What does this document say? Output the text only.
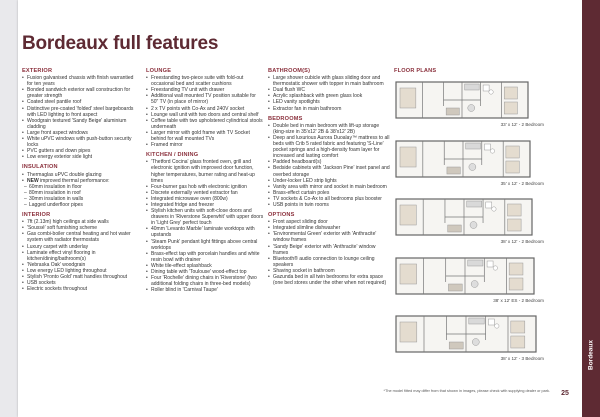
Bordeaux full features
EXTERIOR
• Fusion galvanised chassis with finish warrantied for ten years
• Bonded sandwich exterior wall construction for greater strength
• Coated steel pantile roof
• Distinctive pre-coated 'folded' steel bargeboards with LED lighting to front aspect
• Woodgrain textured 'Sandy Beige' aluminium cladding
• Large front aspect windows
• White uPVC windows with push-button security locks
• PVC gutters and down pipes
• Low energy exterior side light
INSULATION
• Thermaglas uPVC double glazing
• NEW improved thermal performance:
– 60mm insulation in floor
– 80mm insulation in roof
– 30mm insulation in walls
– Lagged underfloor pipes
INTERIOR
• 7ft (2.13m) high ceilings at side walls
• 'Soussé' soft furnishing scheme
• Gas combi-boiler central heating and hot water system with radiator thermostats
• Luxury carpet with underlay
• Laminate effect vinyl flooring in kitchen/dining/bathroom(s)
• 'Nebraska Oak' woodgrain
• Low energy LED lighting throughout
• Stylish 'Pronto Gold' matt handles throughout
• USB sockets
• Electric sockets throughout
LOUNGE
• Freestanding two-piece suite with fold-out occasional bed and scatter cushions
• Freestanding TV unit with drawer
• Additional wall mounted TV position suitable for 50" TV (in place of mirror)
• 2 x TV points with Co-Ax and 240V socket
• Lounge wall unit with two doors and central shelf
• Coffee table with two upholstered cylindrical stools underneath
• Larger mirror with gold frame with TV Socket behind for wall mounted TVs
• Framed mirror
KITCHEN / DINING
• 'Thetford Cocina' glass fronted oven, grill and electronic ignition with improved door function, higher temperatures, burner rating and heat-up times
• Four-burner gas hob with electronic ignition
• Discrete externally vented extractor fan
• Integrated microwave oven (800w)
• Integrated fridge and freezer
• Stylish kitchen units with soft-close doors and drawers in 'Riverstone Superwhit' with upper doors in 'Light Grey' perfect touch
• 40mm 'Levanto Marble' laminate worktops with upstands
• 'Steam Punk' pendant light fittings above central worktops
• Brass-effect tap with porcelain handles and white resin bowl with drainer
• White tile-effect splashback
• Dining table with 'Toulouse' wood-effect top
• Four 'Rochelle' dining chairs in 'Riverstone' (two additional folding chairs in three-bed models)
• Roller blind in 'Carnival Taupe'
BATHROOM(S)
• Large shower cubicle with glass sliding door and thermostatic shower with topper in main bathroom
• Dual flush WC
• Acrylic splashback with green glass look
• LED vanity spotlights
• Extractor fan in main bathroom
BEDROOMS
• Double bed in main bedroom with lift-up storage (king-size in 35'x12' 2B & 38'x12' 2B)
• Deep and luxurious Aurora Duoalay™ mattress to all beds with Crib 5 rated fabric and featuring 'S-Line' pocket springs and a high-density foam layer for increased and lasting comfort
• Padded headboard(s)
• Bedside cabinets with 'Jackson Pine' inset panel and overbed storage
• Under-locker LED strip lights
• Vanity area with mirror and socket in main bedroom
• Brass-effect curtain poles
• TV sockets & Co-Ax to all bedrooms plus booster
• USB points in twin rooms
OPTIONS
• Front aspect sliding door
• Integrated slimline dishwasher
• 'Environmental Green' exterior with 'Anthracite' window frames
• 'Sandy Beige' exterior with 'Anthracite' window frames
• Bluetooth® audio connection to lounge ceiling speakers
• Shaving socket in bathroom
• Gazunda bed in all twin bedrooms for extra space (one bed stores under the other when not required)
FLOOR PLANS
33' x 12' - 2 Bedroom
35' x 12' - 2 Bedroom
38' x 12' - 2 Bedroom
38' x 12' ES - 2 Bedroom
38' x 12' - 3 Bedroom	Bordeaux
25
*The model fitted may differ from that shown in images, please check with supplying dealer or park.
